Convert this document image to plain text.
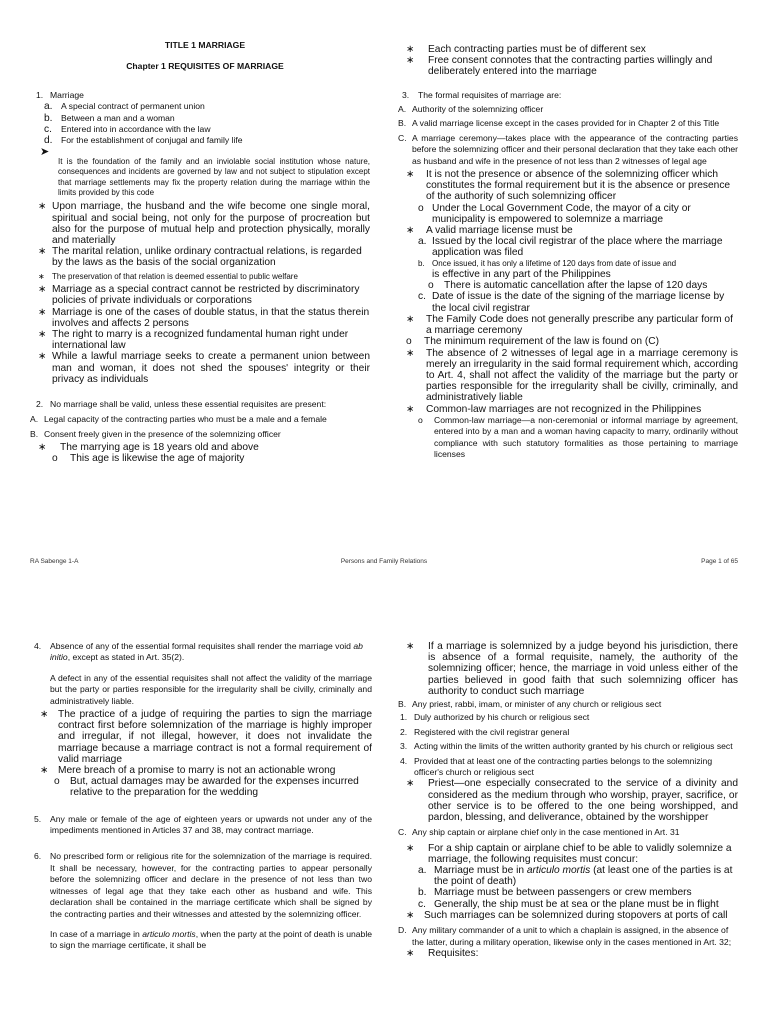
TITLE 1 MARRIAGE
Chapter 1 REQUISITES OF MARRIAGE
1. Marriage
a. A special contract of permanent union
b. Between a man and a woman
c.	Entered into in accordance with the law
d. For the establishment of conjugal and family life
➤
It is the foundation of the family and an inviolable social institution whose nature, consequences and incidents are governed by law and not subject to stipulation except that marriage settlements may fix the property relation during the marriage within the limits provided by this code
∗ Upon marriage, the husband and the wife become one single moral, spiritual and social being, not only for the purpose of procreation but also for the purpose of mutual help and protection physically, morally and materially
∗ The marital relation, unlike ordinary contractual relations, is regarded by the laws as the basis of the social organization
∗ The preservation of that relation is deemed essential to public welfare
∗ Marriage as a special contract cannot be restricted by discriminatory policies of private individuals or corporations
∗ Marriage is one of the cases of double status, in that the status therein involves and affects 2 persons
∗ The right to marry is a recognized fundamental human right under international law
∗ While a lawful marriage seeks to create a permanent union between man and woman, it does not shed the spouses' integrity or their privacy as individuals
2. No marriage shall be valid, unless these essential requisites are present:
A. Legal capacity of the contracting parties who must be a male and a female
B. Consent freely given in the presence of the solemnizing officer
∗	The marrying age is 18 years old and above
o	This age is likewise the age of majority
∗	Each contracting parties must be of different sex
∗	Free consent connotes that the contracting parties willingly and deliberately entered into the marriage
3.	The formal requisites of marriage are:
A. Authority of the solemnizing officer
B. A valid marriage license except in the cases provided for in Chapter 2 of this Title
C. A marriage ceremony—takes place with the appearance of the contracting parties before the solemnizing officer and their personal declaration that they take each other as husband and wife in the presence of not less than 2 witnesses of legal age
∗	It is not the presence or absence of the solemnizing officer which constitutes the formal requirement but it is the absence or presence of the authority of such solemnizing officer
o Under the Local Government Code, the mayor of a city or municipality is empowered to solemnize a marriage
∗	A valid marriage license must be
a. Issued by the local civil registrar of the place where the marriage application was filed
b. Once issued, it has only a lifetime of 120 days from date of issue and
is effective in any part of the Philippines
o	There is automatic cancellation after the lapse of 120 days
c. Date of issue is the date of the signing of the marriage license by the local civil registrar
∗	The Family Code does not generally prescribe any particular form of a marriage ceremony
o	The minimum requirement of the law is found on (C)
∗	The absence of 2 witnesses of legal age in a marriage ceremony is merely an irregularity in the said formal requirement which, according to Art. 4, shall not affect the validity of the marriage but the party or parties responsible for the irregularity shall be civilly, criminally, and administratively liable
∗	Common-law marriages are not recognized in the Philippines
o	Common-law marriage—a non-ceremonial or informal marriage by agreement, entered into by a man and a woman having capacity to marry, ordinarily without compliance with such statutory formalities as those pertaining to marriage licenses
Persons and Family Relations
RA Sabenge 1-A	Page 1 of 65
4.	Absence of any of the essential formal requisites shall render the marriage void ab initio, except as stated in Art. 35(2).
A defect in any of the essential requisites shall not affect the validity of the marriage but the party or parties responsible for the irregularity shall be civilly, criminally and administratively liable.
∗ The practice of a judge of requiring the parties to sign the marriage contract first before solemnization of the marriage is highly improper and irregular, if not illegal, however, it does not invalidate the marriage because a marriage contract is not a formal requirement of valid marriage
∗ Mere breach of a promise to marry is not an actionable wrong
o	But, actual damages may be awarded for the expenses incurred relative to the preparation for the wedding
5.	Any male or female of the age of eighteen years or upwards not under any of the impediments mentioned in Articles 37 and 38, may contract marriage.
6.	No prescribed form or religious rite for the solemnization of the marriage is required. It shall be necessary, however, for the contracting parties to appear personally before the solemnizing officer and declare in the presence of not less than two witnesses of legal age that they take each other as husband and wife. This declaration shall be contained in the marriage certificate which shall be signed by the contracting parties and their witnesses and attested by the solemnizing officer.
In case of a marriage in articulo mortis, when the party at the point of death is unable to sign the marriage certificate, it shall be
∗	If a marriage is solemnized by a judge beyond his jurisdiction, there is absence of a formal requisite, namely, the authority of the solemnizing officer; hence, the marriage in void unless either of the parties believed in good faith that such solemnizing officer has authority to conduct such marriage
B. Any priest, rabbi, imam, or minister of any church or religious sect
1. Duly authorized by his church or religious sect
2. Registered with the civil registrar general
3. Acting within the limits of the written authority granted by his church or religious sect
4. Provided that at least one of the contracting parties belongs to the solemnizing officer's church or religious sect
∗	Priest—one especially consecrated to the service of a divinity and considered as the medium through who worship, prayer, sacrifice, or other service is to be offered to the one being worshipped, and pardon, blessing, and deliverance, obtained by the worshipper
C. Any ship captain or airplane chief only in the case mentioned in Art. 31
∗	For a ship captain or airplane chief to be able to validly solemnize a marriage, the following requisites must concur:
a. Marriage must be in articulo mortis (at least one of the parties is at the point of death)
b. Marriage must be between passengers or crew members
c. Generally, the ship must be at sea or the plane must be in flight
∗ Such marriages can be solemnized during stopovers at ports of call
D. Any military commander of a unit to which a chaplain is assigned, in the absence of the latter, during a military operation, likewise only in the cases mentioned in Art. 32;
∗	Requisites:
